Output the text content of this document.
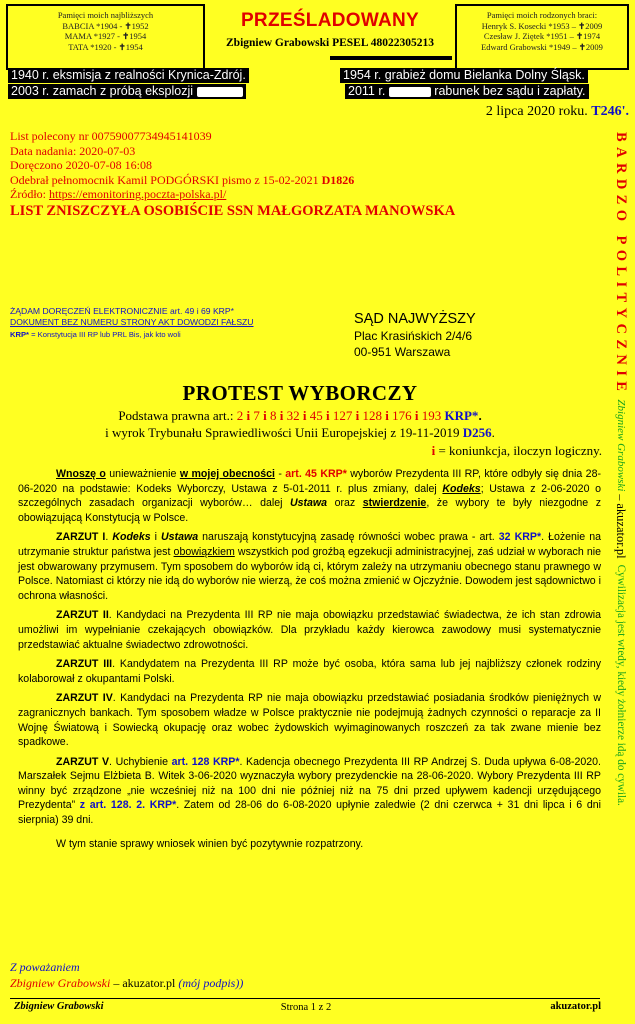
Pamięci moich najbliższych
BABCIA *1904 - ✝1952
MAMA *1927 - ✝1954
TATA *1920 - ✝1954
PRZEŚLADOWANY
Zbigniew Grabowski PESEL 48022305213
Pamięci moich rodzonych braci:
Henryk S. Kosecki *1953 – ✝2009
Czesław J. Ziętek *1951 – ✝1974
Edward Grabowski *1949 – ✝2009
1940 r. eksmisja z realności Krynica-Zdrój.
2003 r. zamach z próbą eksplozji
1954 r. grabież domu Bielanka Dolny Śląsk.
2011 r.	rabunek bez sądu i zapłaty.
2 lipca 2020 roku. T246'.
List polecony nr 00759007734945141039
Data nadania: 2020-07-03
Doręczono 2020-07-08 16:08
Odebrał pełnomocnik Kamil PODGÓRSKI pismo z 15-02-2021 D1826
Źródło: https://emonitoring.poczta-polska.pl/
LIST ZNISZCZYŁA OSOBIŚCIE SSN MAŁGORZATA MANOWSKA
ŻĄDAM DORĘCZEŃ ELEKTRONICZNIE art. 49 i 69 KRP*
DOKUMENT BEZ NUMERU STRONY AKT DOWODZI FAŁSZU
KRP* = Konstytucja III RP lub PRL Bis, jak kto woli
SĄD NAJWYŻSZY
Plac Krasińskich 2/4/6
00-951 Warszawa
PROTEST WYBORCZY
Podstawa prawna art.: 2 i 7 i 8 i 32 i 45 i 127 i 128 i 176 i 193 KRP*.
i wyrok Trybunału Sprawiedliwości Unii Europejskiej z 19-11-2019 D256.
i = koniunkcja, iloczyn logiczny.

Wnoszę o unieważnienie w mojej obecności - art. 45 KRP* wyborów Prezydenta III RP, które odbyły się dnia 28-06-2020 na podstawie: Kodeks Wyborczy, Ustawa z 5-01-2011 r. plus zmiany, dalej Kodeks; Ustawa z 2-06-2020 o szczególnych zasadach organizacji wyborów… dalej Ustawa oraz stwierdzenie, że wybory te były niezgodne z obowiązującą Konstytucją w Polsce.

ZARZUT I. Kodeks i Ustawa naruszają konstytucyjną zasadę równości wobec prawa - art. 32 KRP*. Łożenie na utrzymanie struktur państwa jest obowiązkiem wszystkich pod groźbą egzekucji administracyjnej, zaś udział w wyborach nie jest obwarowany przymusem. Tym sposobem do wyborów idą ci, którym zależy na utrzymaniu obecnego stanu prawnego w Polsce. Natomiast ci którzy nie idą do wyborów nie wierzą, że coś można zmienić w Ojczyźnie. Dowodem jest sądownictwo i ochrona własności.

ZARZUT II. Kandydaci na Prezydenta III RP nie maja obowiązku przedstawiać świadectwa, że ich stan zdrowia umożliwi im wypełnianie czekających obowiązków. Dla przykładu każdy kierowca zawodowy musi systematycznie przedstawiać aktualne świadectwo zdrowotności.

ZARZUT III. Kandydatem na Prezydenta III RP może być osoba, która sama lub jej najbliższy członek rodziny kolaborował z okupantami Polski.

ZARZUT IV. Kandydaci na Prezydenta RP nie maja obowiązku przedstawiać posiadania środków pieniężnych w zagranicznych bankach. Tym sposobem władze w Polsce praktycznie nie podejmują żadnych czynności o reparacje za II Wojnę Światową i Sowiecką okupację oraz wobec żydowskich wyimaginowanych roszczeń za tak zwane mienie bez spadkowe.

ZARZUT V. Uchybienie art. 128 KRP*. Kadencja obecnego Prezydenta III RP Andrzej S. Duda upływa 6-08-2020. Marszałek Sejmu Elżbieta B. Witek 3-06-2020 wyznaczyła wybory prezydenckie na 28-06-2020. Wybory Prezydenta III RP winny być zrządzone „nie wcześniej niż na 100 dni nie później niż na 75 dni przed upływem kadencji urzędującego Prezydenta” z art. 128. 2. KRP*. Zatem od 28-06 do 6-08-2020 upłynie zaledwie (2 dni czerwca + 31 dni lipca i 6 dni sierpnia) 39 dni.

W tym stanie sprawy wniosek winien być pozytywnie rozpatrzony.

Z poważaniem
Zbigniew Grabowski – akuzator.pl (mój podpis))
Zbigniew Grabowski	Strona 1 z 2	akuzator.pl
BARDZO POLITYCZNIE Zbigniew Grabowski – akuzator.pl  Cywilizacja jest wtedy, kiedy żołnierze idą do cywila.
